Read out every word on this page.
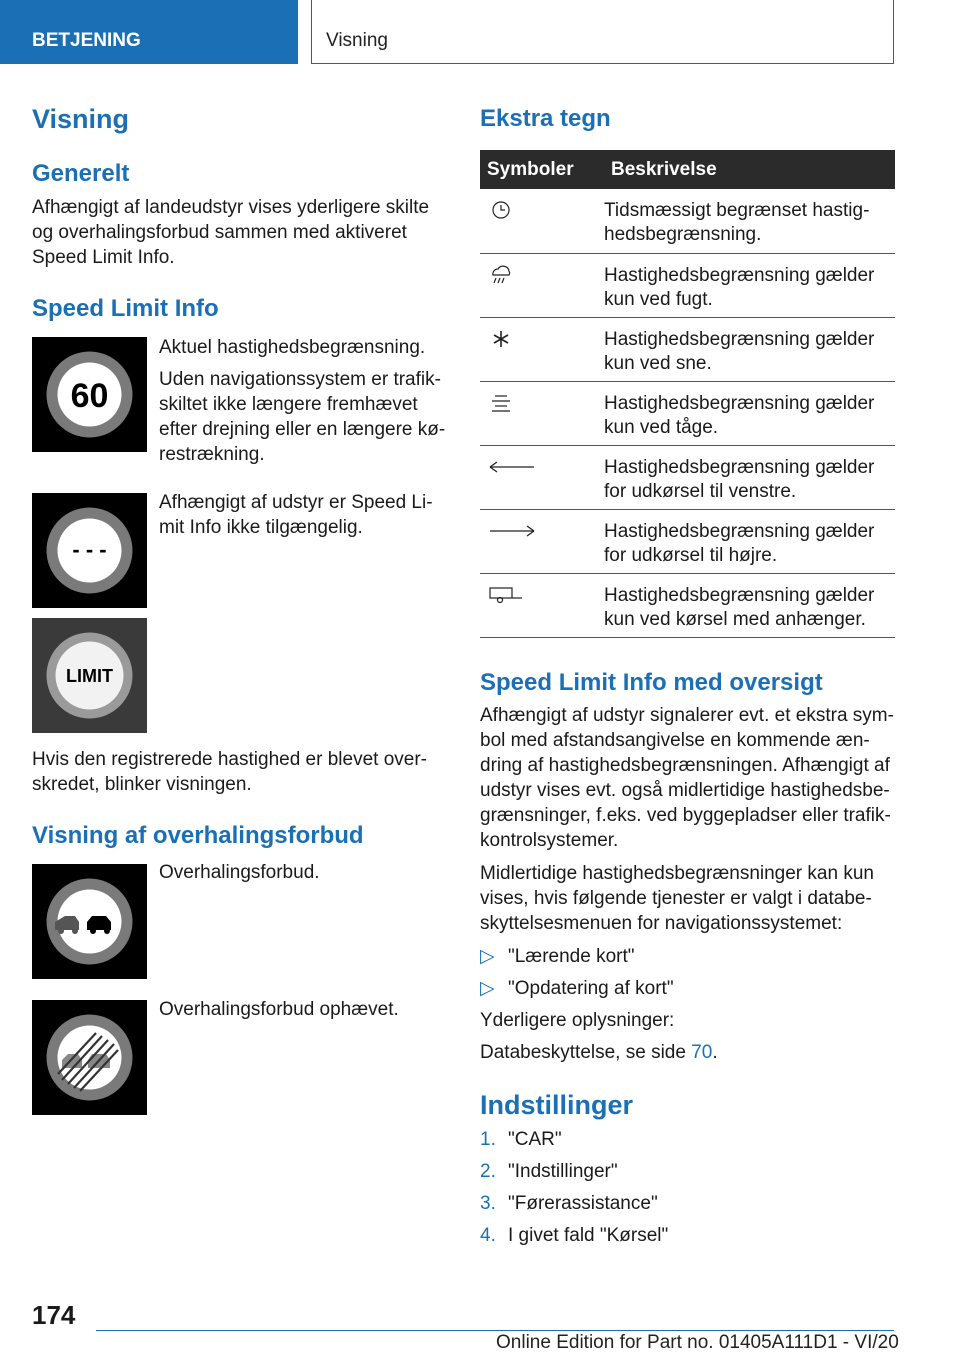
BETJENING	Visning
Visning
Generelt

Afhængigt af landeudstyr vises yderligere skilte

og overhalingsforbud sammen med aktiveret

Speed Limit Info.

Speed Limit Info
60

Aktuel hastighedsbegrænsning.

Uden navigationssystem er trafik-

skiltet ikke længere fremhævet

efter drejning eller en længere kø-

restrækning.

- - -

Afhængigt af udstyr er Speed Li-

mit Info ikke tilgængelig.

LIMIT

Hvis den registrerede hastighed er blevet over-

skredet, blinker visningen.

Visning af overhalingsforbud

Overhalingsforbud.

Overhalingsforbud ophævet.

Ekstra tegn
Symboler	Beskrivelse

Tidsmæssigt begrænset hastig-
hedsbegrænsning.

Hastighedsbegrænsning gælder
kun ved fugt.

Hastighedsbegrænsning gælder
kun ved sne.

Hastighedsbegrænsning gælder
kun ved tåge.

Hastighedsbegrænsning gælder
for udkørsel til venstre.

Hastighedsbegrænsning gælder
for udkørsel til højre.

Hastighedsbegrænsning gælder
kun ved kørsel med anhænger.
Speed Limit Info med oversigt

Afhængigt af udstyr signalerer evt. et ekstra sym-

bol med afstandsangivelse en kommende æn-

dring af hastighedsbegrænsningen. Afhængigt af

udstyr vises evt. også midlertidige hastighedsbe-

grænsninger, f.eks. ved byggepladser eller trafik-

kontrolsystemer.

Midlertidige hastighedsbegrænsninger kan kun

vises, hvis følgende tjenester er valgt i databe-

skyttelsesmenuen for navigationssystemet:

▷ "Lærende kort"
▷ "Opdatering af kort"

Yderligere oplysninger:

Databeskyttelse, se side 70.

Indstillinger
1. "CAR"
2. "Indstillinger"
3. "Førerassistance"
4. I givet fald "Kørsel"
174
Online Edition for Part no. 01405A111D1 - VI/20
